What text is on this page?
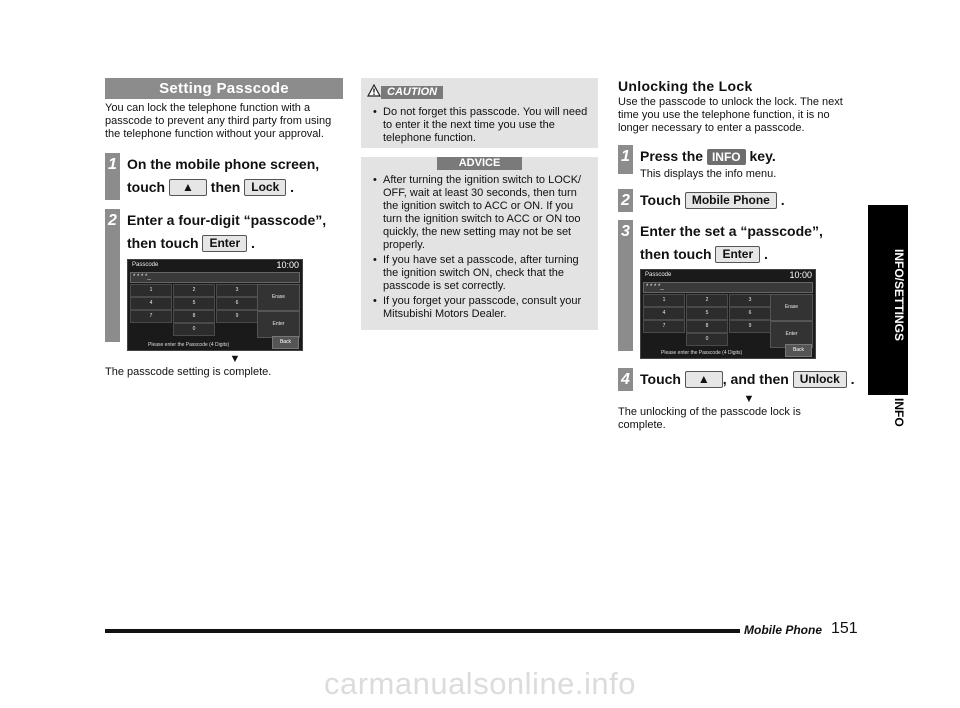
Setting Passcode

You can lock the telephone function with a passcode to prevent any third party from using the telephone function without your approval.

1 On the mobile phone screen,
touch ▲ then Lock .
2 Enter a four-digit “passcode”,
then touch Enter .
Passcode	10:00
* * * *_
1	2	3
4	5	6
7	8	9
0
Erase
Enter
Please enter the Passcode (4 Digits)	Back
▼

The passcode setting is complete.

CAUTION
• Do not forget this passcode. You will need to enter it the next time you use the telephone function.
ADVICE
• After turning the ignition switch to LOCK/ OFF, wait at least 30 seconds, then turn the ignition switch to ACC or ON. If you turn the ignition switch to ACC or ON too quickly, the new setting may not be set properly.
• If you have set a passcode, after turning the ignition switch ON, check that the passcode is set correctly.
• If you forget your passcode, consult your Mitsubishi Motors Dealer.
Unlocking the Lock

Use the passcode to unlock the lock. The next time you use the telephone function, it is no longer necessary to enter a passcode.

1 Press the INFO key.
This displays the info menu.
2 Touch Mobile Phone .
3 Enter the set a “passcode”,
then touch Enter .
Passcode	10:00
* * * *_
1	2	3
4	5	6
7	8	9
0
Erase
Enter
Please enter the Passcode (4 Digits)	Back
4 Touch ▲ , and then Unlock .
▼

The unlocking of the passcode lock is complete.

INFO/SETTINGS
INFO
Mobile Phone 151
carmanualsonline.info
